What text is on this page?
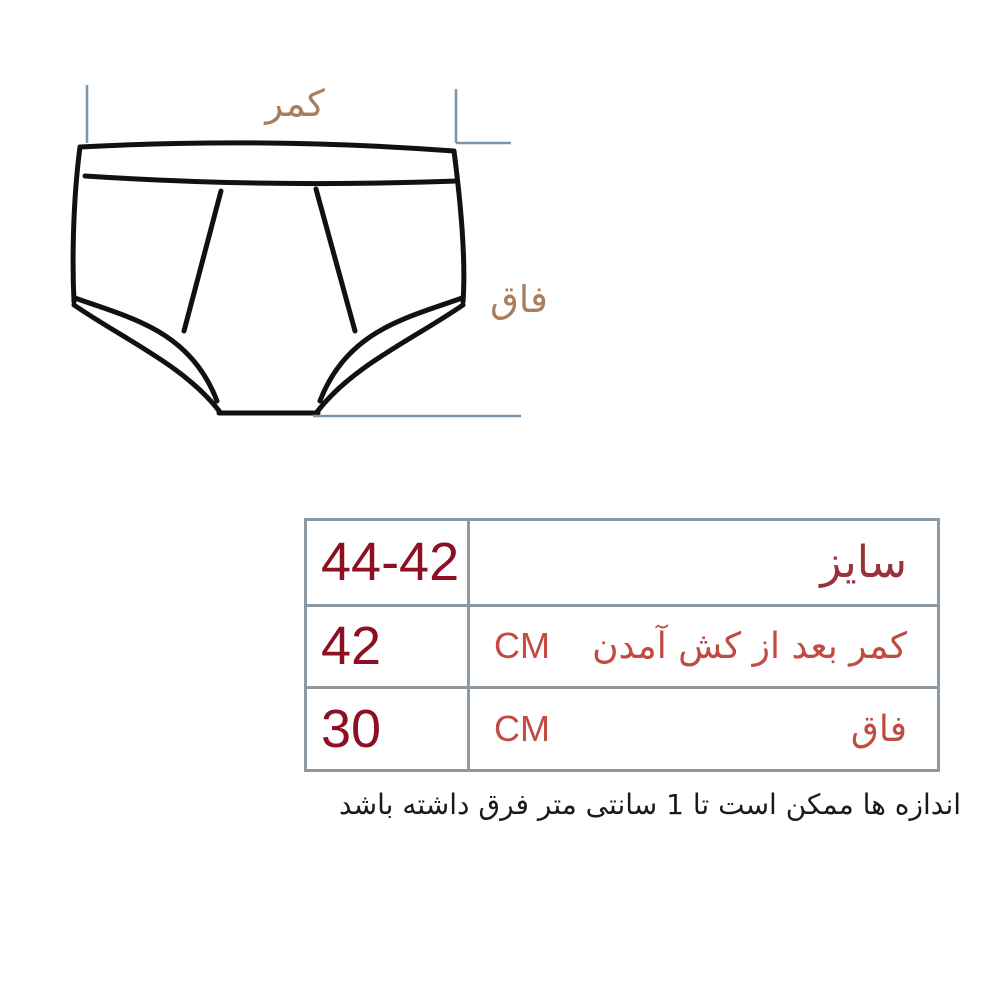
کمر
فاق
44-42	سایز
42	CM کمر بعد از کش آمدن
30	CM	فاق
اندازه ها ممکن است تا 1 سانتی متر فرق داشته باشد
